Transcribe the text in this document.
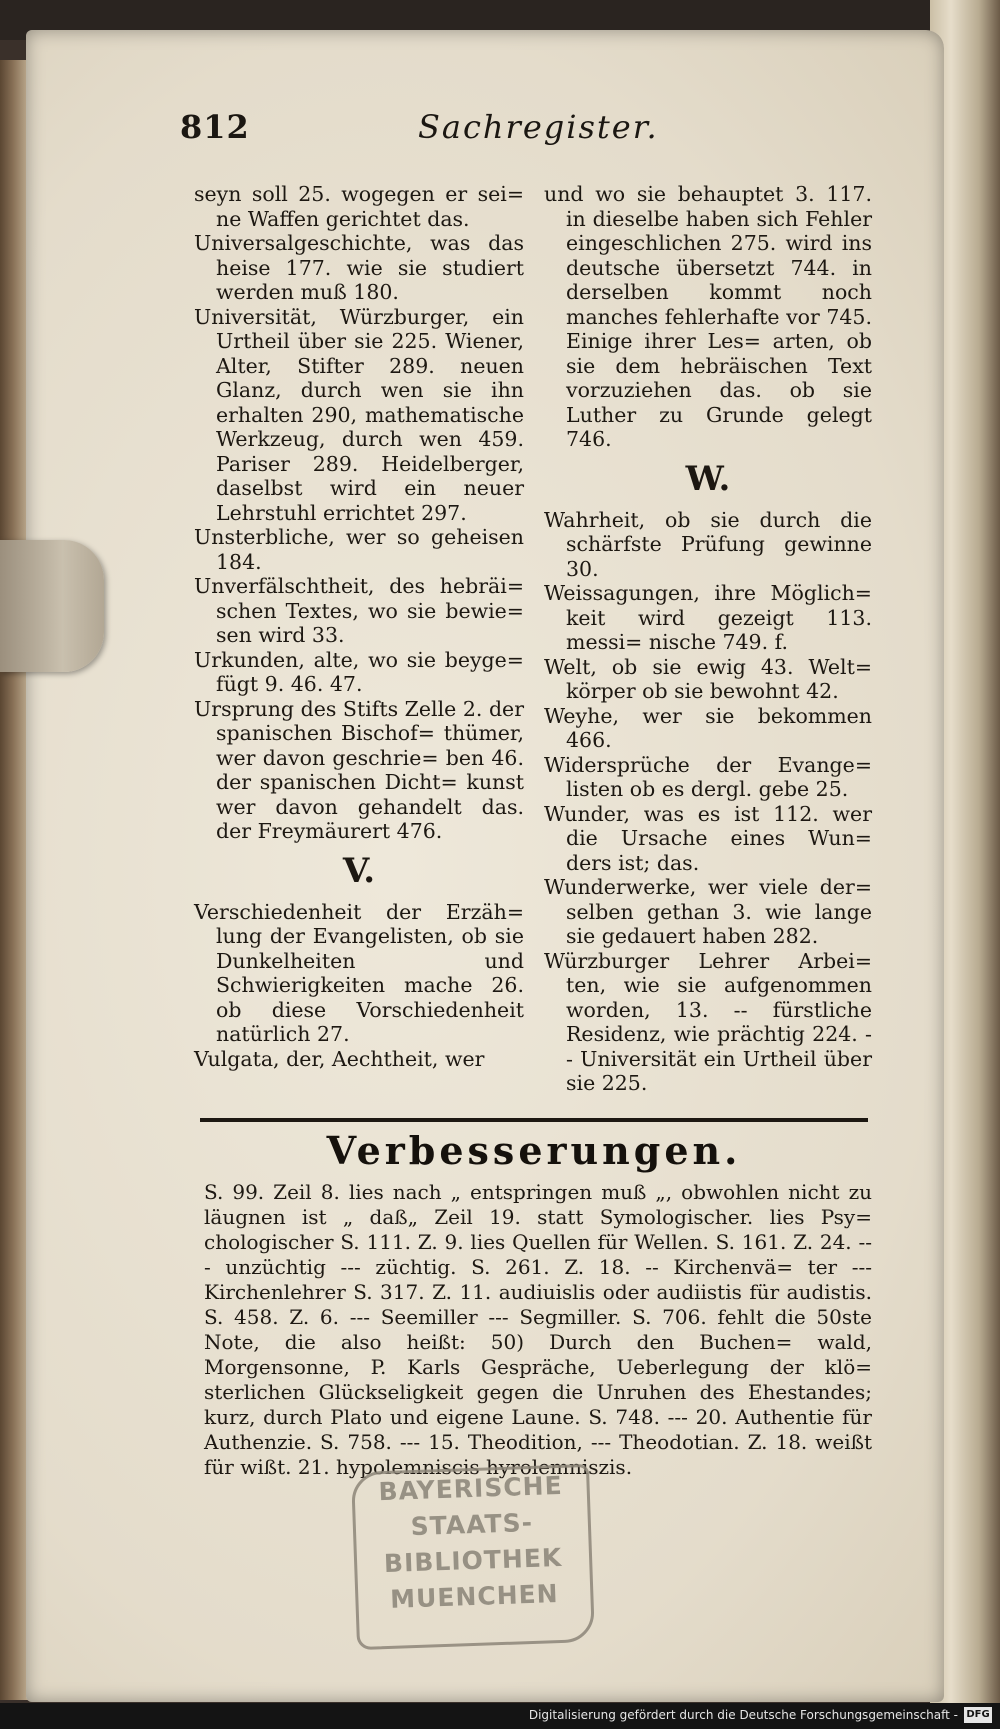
812	Sachregister.
seyn soll 25. wogegen er sei= ne Waffen gerichtet das.
Universalgeschichte, was das heise 177. wie sie studiert werden muß 180.
Universität, Würzburger, ein Urtheil über sie 225. Wiener, Alter, Stifter 289. neuen Glanz, durch wen sie ihn erhalten 290, mathematische Werkzeug, durch wen 459. Pariser 289. Heidelberger, daselbst wird ein neuer Lehrstuhl errichtet 297.
Unsterbliche, wer so geheisen 184.
Unverfälschtheit, des hebräi= schen Textes, wo sie bewie= sen wird 33.
Urkunden, alte, wo sie beyge= fügt 9. 46. 47.
Ursprung des Stifts Zelle 2. der spanischen Bischof= thümer, wer davon geschrie= ben 46. der spanischen Dicht= kunst wer davon gehandelt das. der Freymäurert 476.
V.
Verschiedenheit der Erzäh= lung der Evangelisten, ob sie Dunkelheiten und Schwierigkeiten mache 26. ob diese Vorschiedenheit natürlich 27.
Vulgata, der, Aechtheit, wer
und wo sie behauptet 3. 117. in dieselbe haben sich Fehler eingeschlichen 275. wird ins deutsche übersetzt 744. in derselben kommt noch manches fehlerhafte vor 745. Einige ihrer Les= arten, ob sie dem hebräischen Text vorzuziehen das. ob sie Luther zu Grunde gelegt 746.
W.
Wahrheit, ob sie durch die schärfste Prüfung gewinne 30.
Weissagungen, ihre Möglich= keit wird gezeigt 113. messi= nische 749. f.
Welt, ob sie ewig 43. Welt= körper ob sie bewohnt 42.
Weyhe, wer sie bekommen 466.
Widersprüche der Evange= listen ob es dergl. gebe 25.
Wunder, was es ist 112. wer die Ursache eines Wun= ders ist; das.
Wunderwerke, wer viele der= selben gethan 3. wie lange sie gedauert haben 282.
Würzburger Lehrer Arbei= ten, wie sie aufgenommen worden, 13. -- fürstliche Residenz, wie prächtig 224. -- Universität ein Urtheil über sie 225.
Verbesserungen.
S. 99. Zeil 8. lies nach „ entspringen muß „, obwohlen nicht zu läugnen ist „ daß„ Zeil 19. statt Symologischer. lies Psy= chologischer S. 111. Z. 9. lies Quellen für Wellen. S. 161. Z. 24. --- unzüchtig --- züchtig. S. 261. Z. 18. -- Kirchenvä= ter --- Kirchenlehrer S. 317. Z. 11. audiuislis oder audiistis für audistis. S. 458. Z. 6. --- Seemiller --- Segmiller. S. 706. fehlt die 50ste Note, die also heißt: 50) Durch den Buchen= wald, Morgensonne, P. Karls Gespräche, Ueberlegung der klö= sterlichen Glückseligkeit gegen die Unruhen des Ehestandes; kurz, durch Plato und eigene Laune. S. 748. --- 20. Authentie für Authenzie. S. 758. --- 15. Theodition, --- Theodotian. Z. 18. weißt für wißt. 21. hypolemniscis hyrolemniszis.
BAYERISCHE
STAATS-
BIBLIOTHEK
MUENCHEN
Digitalisierung gefördert durch die Deutsche Forschungsgemeinschaft - DFG
